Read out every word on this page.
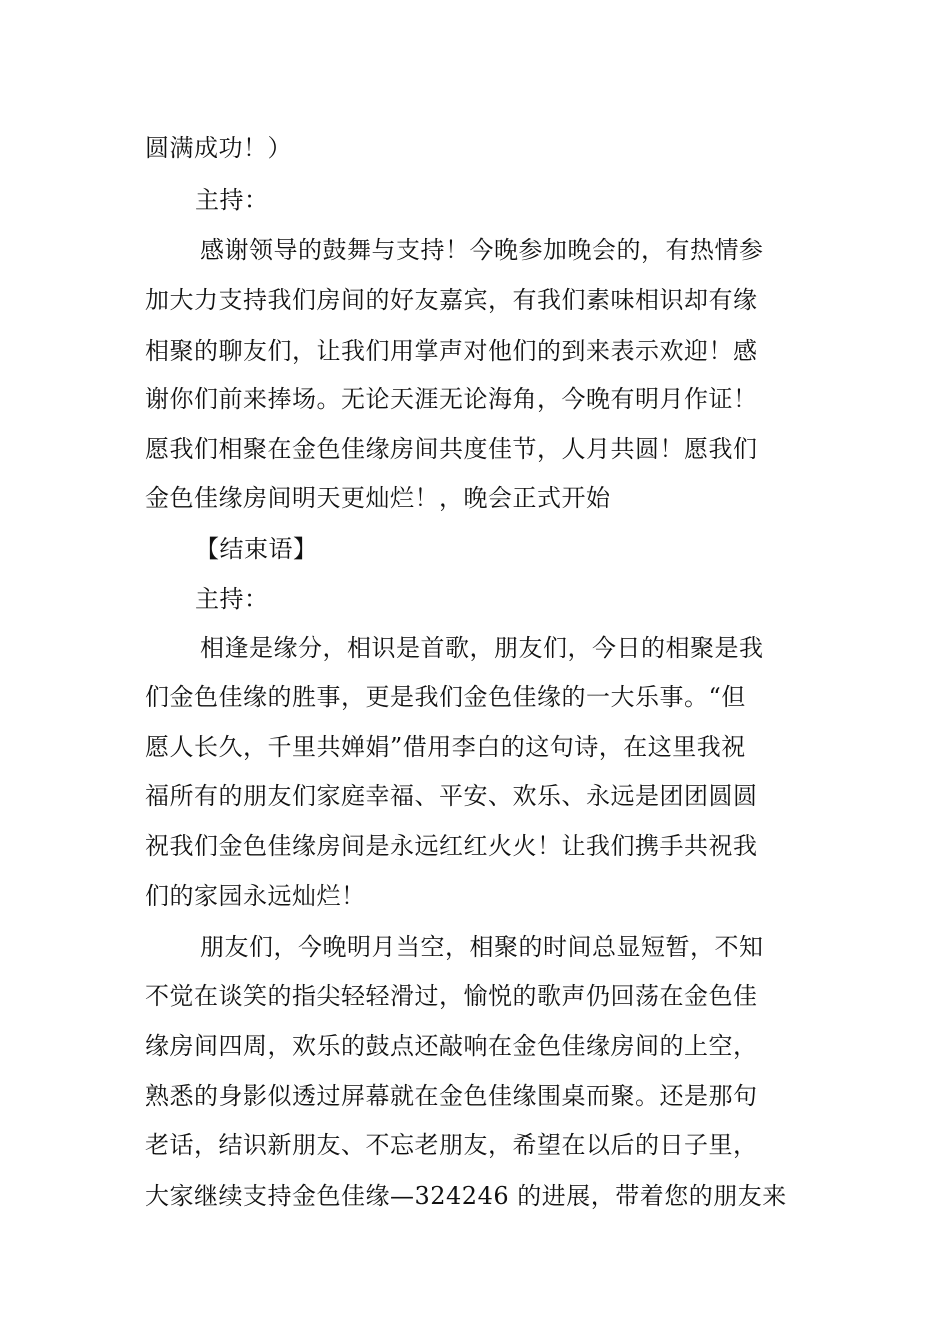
圆满成功！）
主持：
感谢领导的鼓舞与支持！今晚参加晚会的，有热情参
加大力支持我们房间的好友嘉宾，有我们素味相识却有缘
相聚的聊友们，让我们用掌声对他们的到来表示欢迎！感
谢你们前来捧场。无论天涯无论海角，今晚有明月作证！
愿我们相聚在金色佳缘房间共度佳节，人月共圆！愿我们
金色佳缘房间明天更灿烂！，晚会正式开始
【结束语】
主持：
相逢是缘分，相识是首歌，朋友们，今日的相聚是我
们金色佳缘的胜事，更是我们金色佳缘的一大乐事。“但
愿人长久，千里共婵娟”借用李白的这句诗，在这里我祝
福所有的朋友们家庭幸福、平安、欢乐、永远是团团圆圆
祝我们金色佳缘房间是永远红红火火！让我们携手共祝我
们的家园永远灿烂！
朋友们，今晚明月当空，相聚的时间总显短暂，不知
不觉在谈笑的指尖轻轻滑过，愉悦的歌声仍回荡在金色佳
缘房间四周，欢乐的鼓点还敲响在金色佳缘房间的上空，
熟悉的身影似透过屏幕就在金色佳缘围桌而聚。还是那句
老话，结识新朋友、不忘老朋友，希望在以后的日子里，
大家继续支持金色佳缘—324246 的进展，带着您的朋友来
